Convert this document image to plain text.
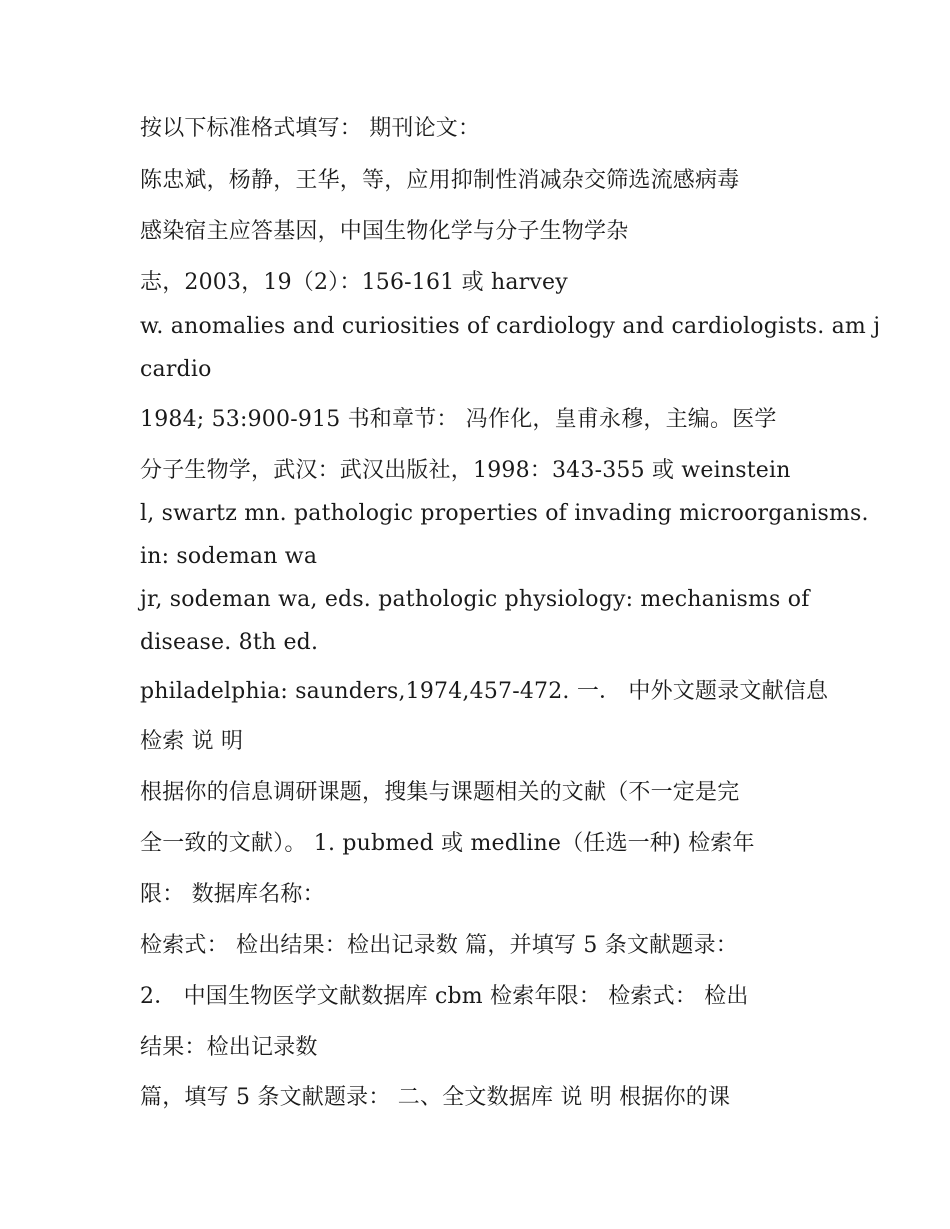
按以下标准格式填写： 期刊论文：
陈忠斌，杨静，王华，等，应用抑制性消减杂交筛选流感病毒
感染宿主应答基因，中国生物化学与分子生物学杂
志，2003，19（2）：156-161 或 harvey
w. anomalies and curiosities of cardiology and cardiologists. am j
cardio
1984; 53:900-915 书和章节： 冯作化，皇甫永穆，主编。医学
分子生物学，武汉：武汉出版社，1998：343-355 或 weinstein
l, swartz mn. pathologic properties of invading microorganisms.
in: sodeman wa
jr, sodeman wa, eds. pathologic physiology: mechanisms of
disease. 8th ed.
philadelphia: saunders,1974,457-472. 一． 中外文题录文献信息
检索 说 明
根据你的信息调研课题，搜集与课题相关的文献（不一定是完
全一致的文献）。 1. pubmed 或 medline（任选一种) 检索年
限： 数据库名称：
检索式： 检出结果：检出记录数 篇，并填写 5 条文献题录：
2． 中国生物医学文献数据库 cbm 检索年限： 检索式： 检出
结果：检出记录数
篇，填写 5 条文献题录： 二、全文数据库 说 明 根据你的课
